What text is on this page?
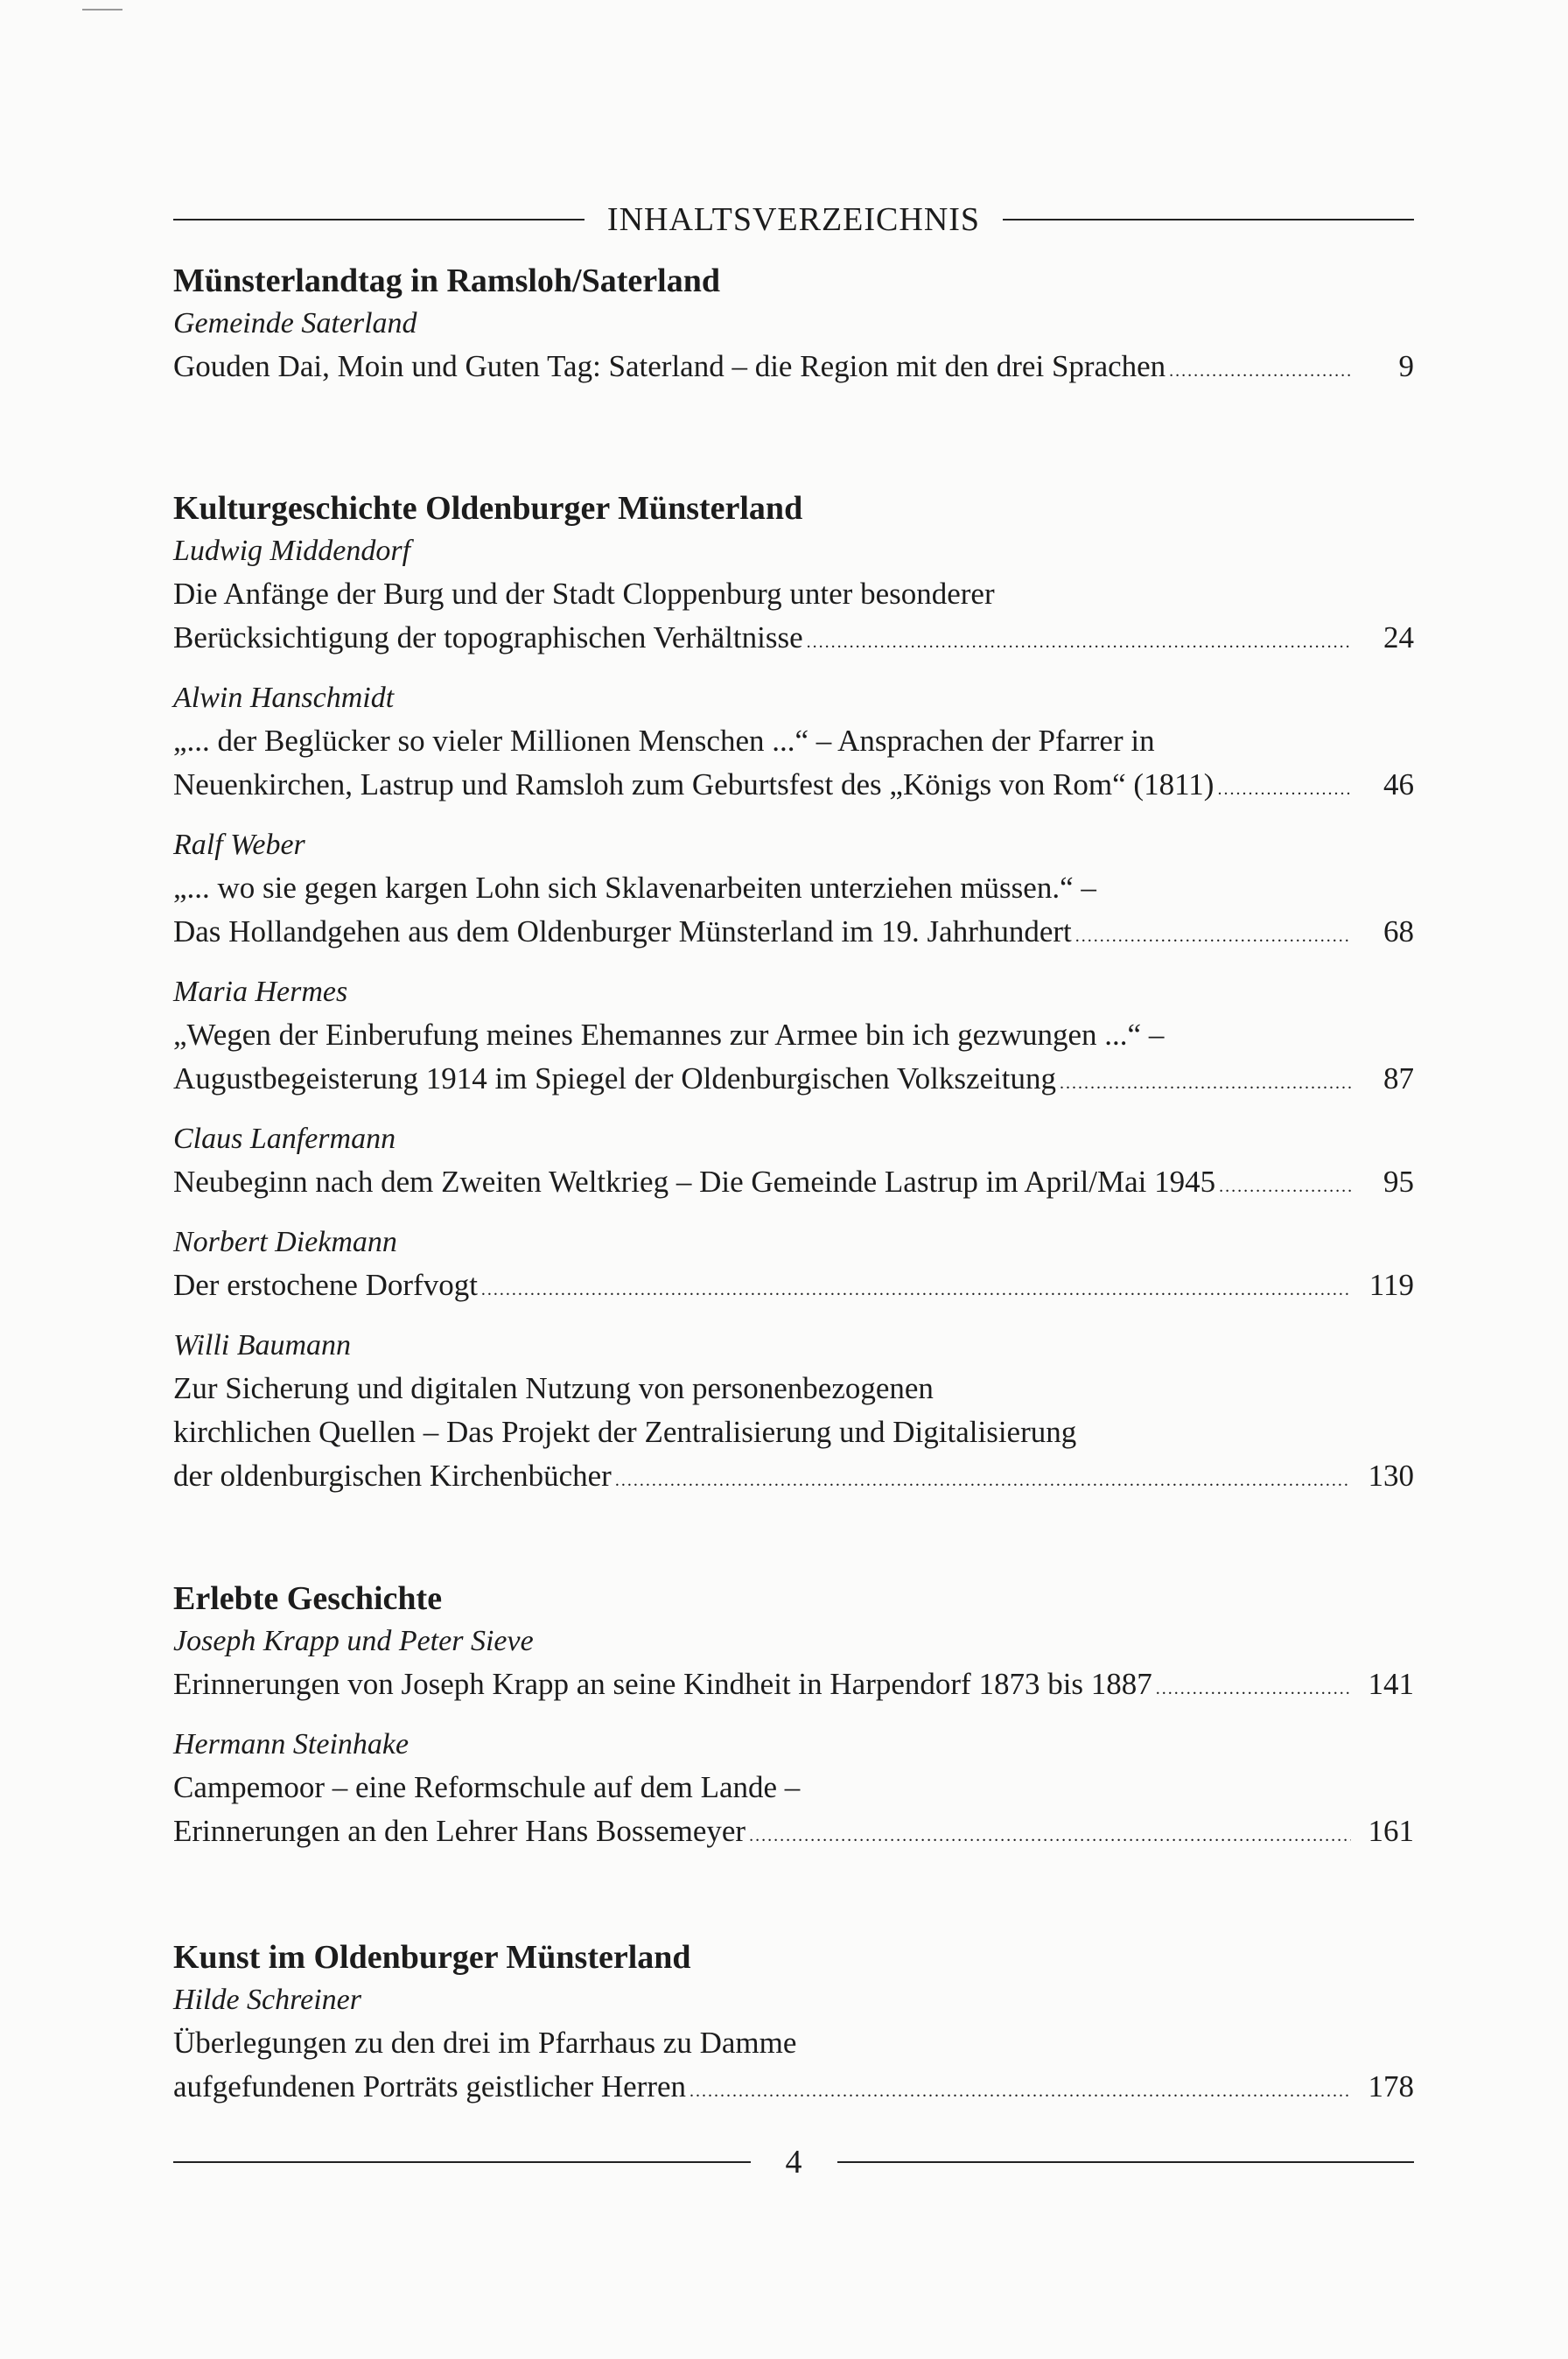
INHALTSVERZEICHNIS
Münsterlandtag in Ramsloh/Saterland
Gemeinde Saterland
Gouden Dai, Moin und Guten Tag: Saterland – die Region mit den drei Sprachen .....	9
Kulturgeschichte Oldenburger Münsterland
Ludwig Middendorf
Die Anfänge der Burg und der Stadt Cloppenburg unter besonderer
Berücksichtigung der topographischen Verhältnisse .....	24
Alwin Hanschmidt
„... der Beglücker so vieler Millionen Menschen ...“ – Ansprachen der Pfarrer in
Neuenkirchen, Lastrup und Ramsloh zum Geburtsfest des „Königs von Rom“ (1811) .....	46
Ralf Weber
„... wo sie gegen kargen Lohn sich Sklavenarbeiten unterziehen müssen.“ –
Das Hollandgehen aus dem Oldenburger Münsterland im 19. Jahrhundert .....	68
Maria Hermes
„Wegen der Einberufung meines Ehemannes zur Armee bin ich gezwungen ...“ –
Augustbegeisterung 1914 im Spiegel der Oldenburgischen Volkszeitung .....	87
Claus Lanfermann
Neubeginn nach dem Zweiten Weltkrieg – Die Gemeinde Lastrup im April/Mai 1945 .....	95
Norbert Diekmann
Der erstochene Dorfvogt .....	119
Willi Baumann
Zur Sicherung und digitalen Nutzung von personenbezogenen
kirchlichen Quellen – Das Projekt der Zentralisierung und Digitalisierung
der oldenburgischen Kirchenbücher .....	130
Erlebte Geschichte
Joseph Krapp und Peter Sieve
Erinnerungen von Joseph Krapp an seine Kindheit in Harpendorf 1873 bis 1887 .....	141
Hermann Steinhake
Campemoor – eine Reformschule auf dem Lande –
Erinnerungen an den Lehrer Hans Bossemeyer .....	161
Kunst im Oldenburger Münsterland
Hilde Schreiner
Überlegungen zu den drei im Pfarrhaus zu Damme
aufgefundenen Porträts geistlicher Herren .....	178
4
